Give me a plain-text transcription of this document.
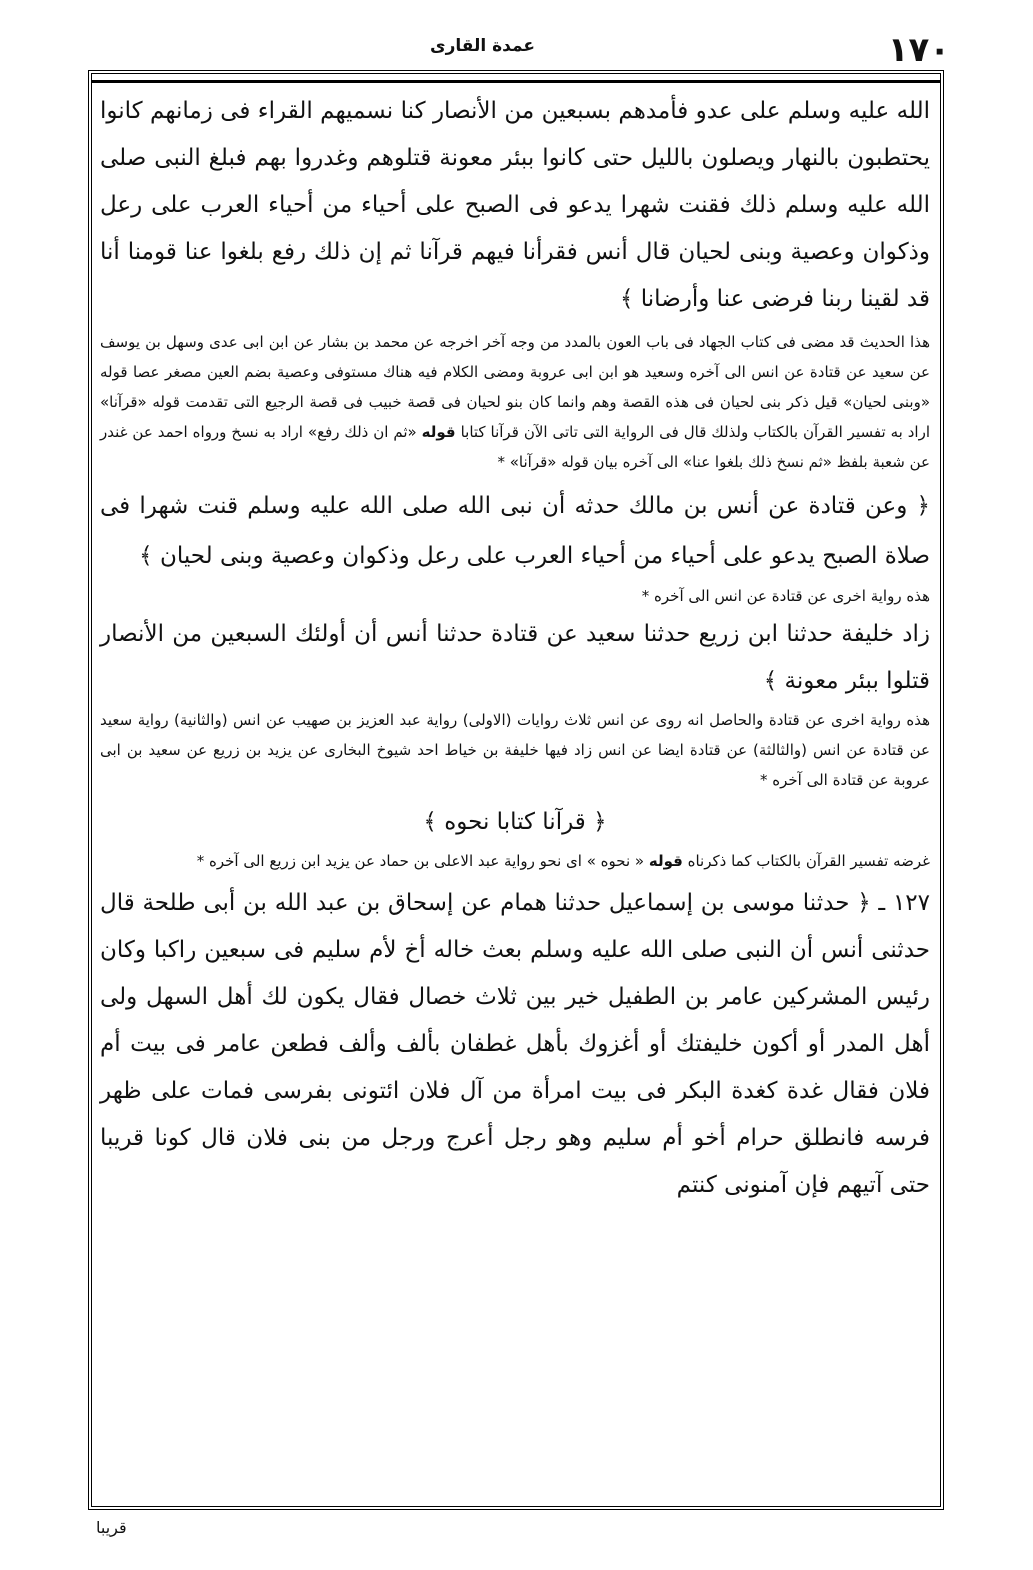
عمدة القارى	١٧٠

الله عليه وسلم على عدو فأمدهم بسبعين من الأنصار كنا نسميهم القراء فى زمانهم كانوا يحتطبون بالنهار ويصلون بالليل حتى كانوا ببئر معونة قتلوهم وغدروا بهم فبلغ النبى صلى الله عليه وسلم ذلك فقنت شهرا يدعو فى الصبح على أحياء من أحياء العرب على رعل وذكوان وعصية وبنى لحيان قال أنس فقرأنا فيهم قرآنا ثم إن ذلك رفع بلغوا عنا قومنا أنا قد لقينا ربنا فرضى عنا وأرضانا ﴾

هذا الحديث قد مضى فى كتاب الجهاد فى باب العون بالمدد من وجه آخر اخرجه عن محمد بن بشار عن ابن ابى عدى وسهل بن يوسف عن سعيد عن قتادة عن انس الى آخره وسعيد هو ابن ابى عروبة ومضى الكلام فيه هناك مستوفى وعصية بضم العين مصغر عصا قوله «وبنى لحيان» قيل ذكر بنى لحيان فى هذه القصة وهم وانما كان بنو لحيان فى قصة خبيب فى قصة الرجيع التى تقدمت قوله «قرآنا» اراد به تفسير القرآن بالكتاب ولذلك قال فى الرواية التى تاتى الآن قرآنا كتابا قوله «ثم ان ذلك رفع» اراد به نسخ ورواه احمد عن غندر عن شعبة بلفظ «ثم نسخ ذلك بلغوا عنا» الى آخره بيان قوله «قرآنا» *

﴿ وعن قتادة عن أنس بن مالك حدثه أن نبى الله صلى الله عليه وسلم قنت شهرا فى صلاة الصبح يدعو على أحياء من أحياء العرب على رعل وذكوان وعصية وبنى لحيان ﴾

هذه رواية اخرى عن قتادة عن انس الى آخره *

زاد خليفة حدثنا ابن زريع حدثنا سعيد عن قتادة حدثنا أنس أن أولئك السبعين من الأنصار قتلوا ببئر معونة ﴾

هذه رواية اخرى عن قتادة والحاصل انه روى عن انس ثلاث روايات (الاولى) رواية عبد العزيز بن صهيب عن انس (والثانية) رواية سعيد عن قتادة عن انس (والثالثة) عن قتادة ايضا عن انس زاد فيها خليفة بن خياط احد شيوخ البخارى عن يزيد بن زريع عن سعيد بن ابى عروبة عن قتادة الى آخره *

﴿ قرآنا كتابا نحوه ﴾

غرضه تفسير القرآن بالكتاب كما ذكرناه قوله « نحوه » اى نحو رواية عبد الاعلى بن حماد عن يزيد ابن زريع الى آخره *

١٢٧ ـ ﴿ حدثنا موسى بن إسماعيل حدثنا همام عن إسحاق بن عبد الله بن أبى طلحة قال حدثنى أنس أن النبى صلى الله عليه وسلم بعث خاله أخ لأم سليم فى سبعين راكبا وكان رئيس المشركين عامر بن الطفيل خير بين ثلاث خصال فقال يكون لك أهل السهل ولى أهل المدر أو أكون خليفتك أو أغزوك بأهل غطفان بألف وألف فطعن عامر فى بيت أم فلان فقال غدة كغدة البكر فى بيت امرأة من آل فلان ائتونى بفرسى فمات على ظهر فرسه فانطلق حرام أخو أم سليم وهو رجل أعرج ورجل من بنى فلان قال كونا قريبا حتى آتيهم فإن آمنونى كنتم

قريبا
